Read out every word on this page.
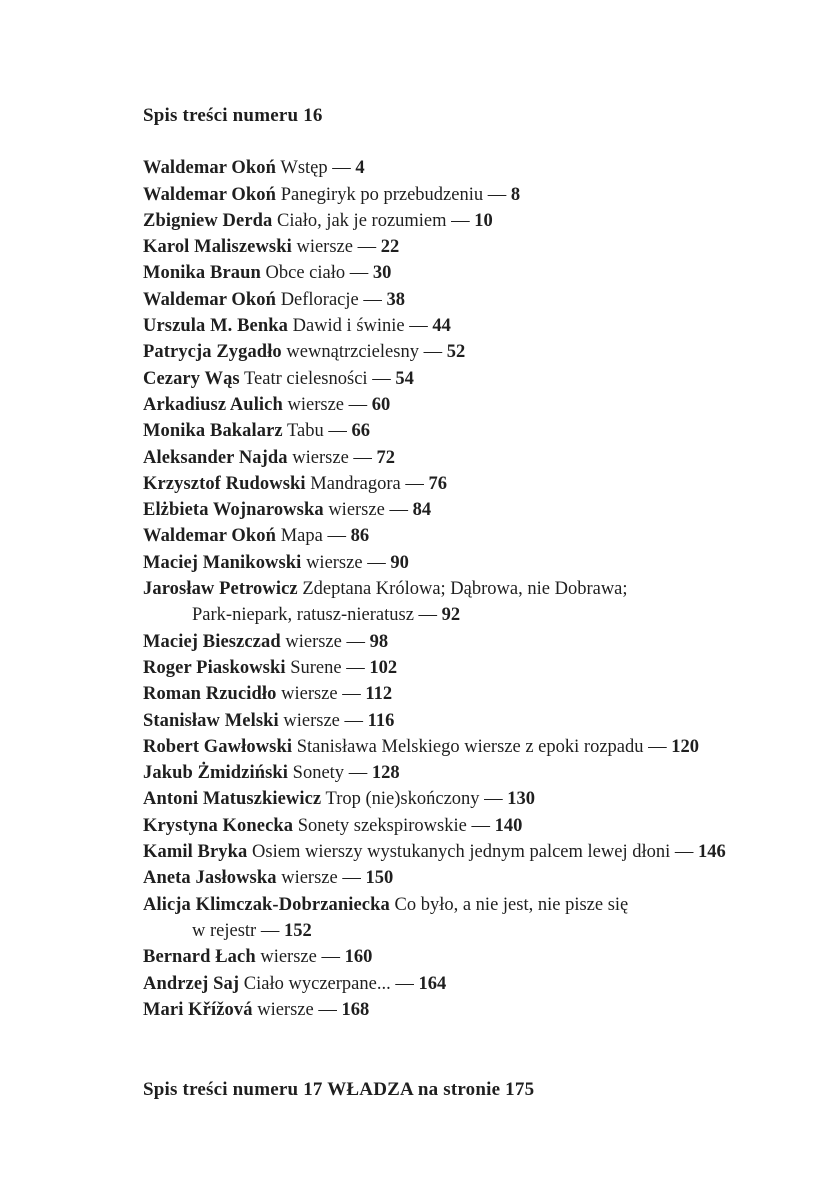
Spis treści numeru 16
Waldemar Okoń Wstęp — 4
Waldemar Okoń Panegiryk po przebudzeniu — 8
Zbigniew Derda Ciało, jak je rozumiem — 10
Karol Maliszewski wiersze — 22
Monika Braun Obce ciało — 30
Waldemar Okoń Defloracje — 38
Urszula M. Benka Dawid i świnie — 44
Patrycja Zygadło wewnątrzcielesny — 52
Cezary Wąs Teatr cielesności — 54
Arkadiusz Aulich wiersze — 60
Monika Bakalarz Tabu — 66
Aleksander Najda wiersze — 72
Krzysztof Rudowski Mandragora — 76
Elżbieta Wojnarowska wiersze — 84
Waldemar Okoń Mapa — 86
Maciej Manikowski wiersze — 90
Jarosław Petrowicz Zdeptana Królowa; Dąbrowa, nie Dobrawa;
Park-niepark, ratusz-nieratusz — 92
Maciej Bieszczad wiersze — 98
Roger Piaskowski Surene — 102
Roman Rzucidło wiersze — 112
Stanisław Melski wiersze — 116
Robert Gawłowski Stanisława Melskiego wiersze z epoki rozpadu — 120
Jakub Żmidziński Sonety — 128
Antoni Matuszkiewicz Trop (nie)skończony — 130
Krystyna Konecka Sonety szekspirowskie — 140
Kamil Bryka Osiem wierszy wystukanych jednym palcem lewej dłoni — 146
Aneta Jasłowska wiersze — 150
Alicja Klimczak-Dobrzaniecka Co było, a nie jest, nie pisze się
w rejestr — 152
Bernard Łach wiersze — 160
Andrzej Saj Ciało wyczerpane... — 164
Mari Křížová wiersze — 168
Spis treści numeru 17 WŁADZA na stronie 175
